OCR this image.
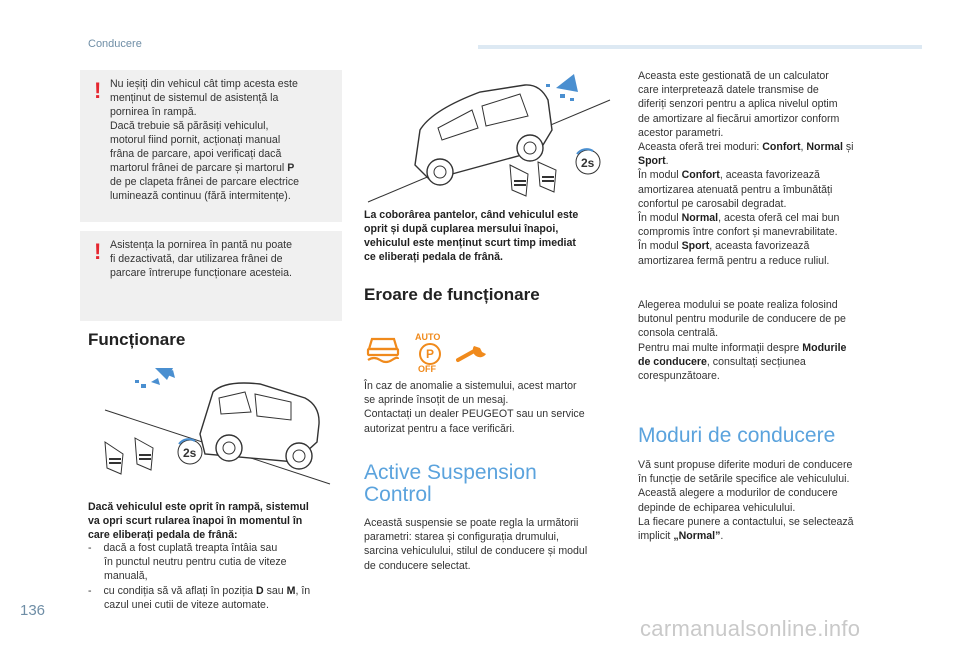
Conducere
! Nu ieșiți din vehicul cât timp acesta este
menținut de sistemul de asistență la
pornirea în rampă.
Dacă trebuie să părăsiți vehiculul,
motorul fiind pornit, acționați manual
frâna de parcare, apoi verificați dacă
martorul frânei de parcare și martorul P
de pe clapeta frânei de parcare electrice
luminează continuu (fără intermitențe).
! Asistența la pornirea în pantă nu poate
fi dezactivată, dar utilizarea frânei de
parcare întrerupe funcționare acesteia.
Funcționare
2s
Dacă vehiculul este oprit în rampă, sistemul
va opri scurt rularea înapoi în momentul în
care eliberați pedala de frână:
- dacă a fost cuplată treapta întâia sau
în punctul neutru pentru cutia de viteze
manuală,
- cu condiția să vă aflați în poziția D sau M, în
cazul unei cutii de viteze automate.
2s
La coborârea pantelor, când vehiculul este
oprit și după cuplarea mersului înapoi,
vehiculul este menținut scurt timp imediat
ce eliberați pedala de frână.
Eroare de funcționare
AUTO
P
OFF
În caz de anomalie a sistemului, acest martor
se aprinde însoțit de un mesaj.
Contactați un dealer PEUGEOT sau un service
autorizat pentru a face verificări.
Active Suspension
Control
Această suspensie se poate regla la următorii
parametri: starea și configurația drumului,
sarcina vehiculului, stilul de conducere și modul
de conducere selectat.
Aceasta este gestionată de un calculator
care interpretează datele transmise de
diferiți senzori pentru a aplica nivelul optim
de amortizare al fiecărui amortizor conform
acestor parametri.
Aceasta oferă trei moduri: Confort, Normal și
Sport.
În modul Confort, aceasta favorizează
amortizarea atenuată pentru a îmbunătăți
confortul pe carosabil degradat.
În modul Normal, acesta oferă cel mai bun
compromis între confort și manevrabilitate.
În modul Sport, aceasta favorizează
amortizarea fermă pentru a reduce ruliul.
Alegerea modului se poate realiza folosind
butonul pentru modurile de conducere de pe
consola centrală.
Pentru mai multe informații despre Modurile
de conducere, consultați secțiunea
corespunzătoare.
Moduri de conducere
Vă sunt propuse diferite moduri de conducere
în funcție de setările specifice ale vehiculului.
Această alegere a modurilor de conducere
depinde de echiparea vehiculului.
La fiecare punere a contactului, se selectează
implicit „Normal”.
136
carmanualsonline.info
